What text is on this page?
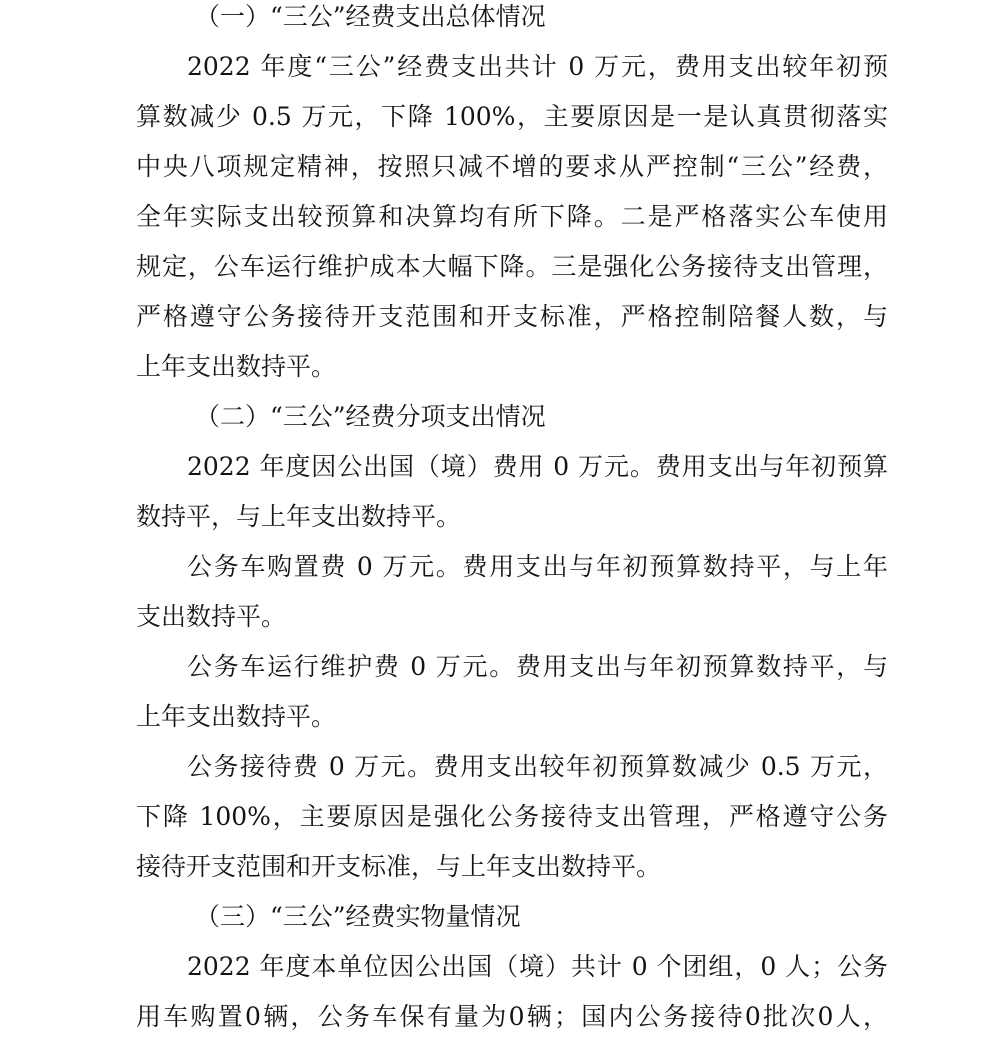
（一）“三公”经费支出总体情况
2022 年度“三公”经费支出共计 0 万元，费用支出较年初预
算数减少 0.5 万元，下降 100%，主要原因是一是认真贯彻落实
中央八项规定精神，按照只减不增的要求从严控制“三公”经费，
全年实际支出较预算和决算均有所下降。二是严格落实公车使用
规定，公车运行维护成本大幅下降。三是强化公务接待支出管理，
严格遵守公务接待开支范围和开支标准，严格控制陪餐人数，与
上年支出数持平。
（二）“三公”经费分项支出情况
2022 年度因公出国（境）费用 0 万元。费用支出与年初预算
数持平，与上年支出数持平。
公务车购置费 0 万元。费用支出与年初预算数持平，与上年
支出数持平。
公务车运行维护费 0 万元。费用支出与年初预算数持平，与
上年支出数持平。
公务接待费 0 万元。费用支出较年初预算数减少 0.5 万元，
下降 100%，主要原因是强化公务接待支出管理，严格遵守公务
接待开支范围和开支标准，与上年支出数持平。
（三）“三公”经费实物量情况
2022 年度本单位因公出国（境）共计 0 个团组，0 人；公务
用车购置0辆，公务车保有量为0辆；国内公务接待0批次0人，
